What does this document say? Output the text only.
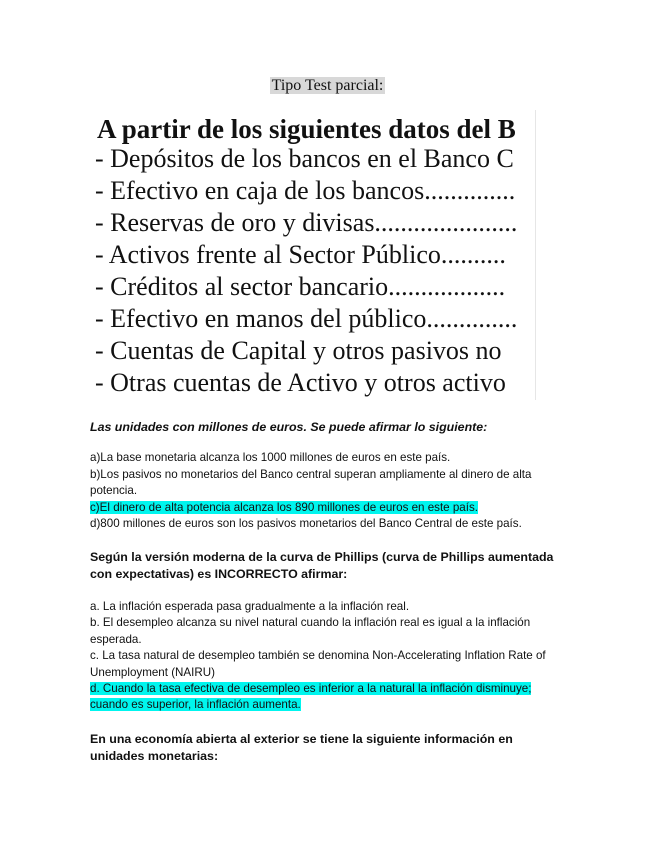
Tipo Test parcial:
A partir de los siguientes datos del B
- Depósitos de los bancos en el Banco C
- Efectivo en caja de los bancos..............
- Reservas de oro y divisas......................
- Activos frente al Sector Público..........
- Créditos al sector bancario..................
- Efectivo en manos del público..............
- Cuentas de Capital y otros pasivos no
- Otras cuentas de Activo y otros activo
Las unidades con millones de euros. Se puede afirmar lo siguiente:
a)La base monetaria alcanza los 1000 millones de euros en este país.
b)Los pasivos no monetarios del Banco central superan ampliamente al dinero de alta potencia.
c)El dinero de alta potencia alcanza los 890 millones de euros en este país.
d)800 millones de euros son los pasivos monetarios del Banco Central de este país.
Según la versión moderna de la curva de Phillips (curva de Phillips aumentada con expectativas) es INCORRECTO afirmar:
a. La inflación esperada pasa gradualmente a la inflación real.
b. El desempleo alcanza su nivel natural cuando la inflación real es igual a la inflación esperada.
c. La tasa natural de desempleo también se denomina Non-Accelerating Inflation Rate of Unemployment (NAIRU)
d. Cuando la tasa efectiva de desempleo es inferior a la natural la inflación disminuye; cuando es superior, la inflación aumenta.
En una economía abierta al exterior se tiene la siguiente información en unidades monetarias:
